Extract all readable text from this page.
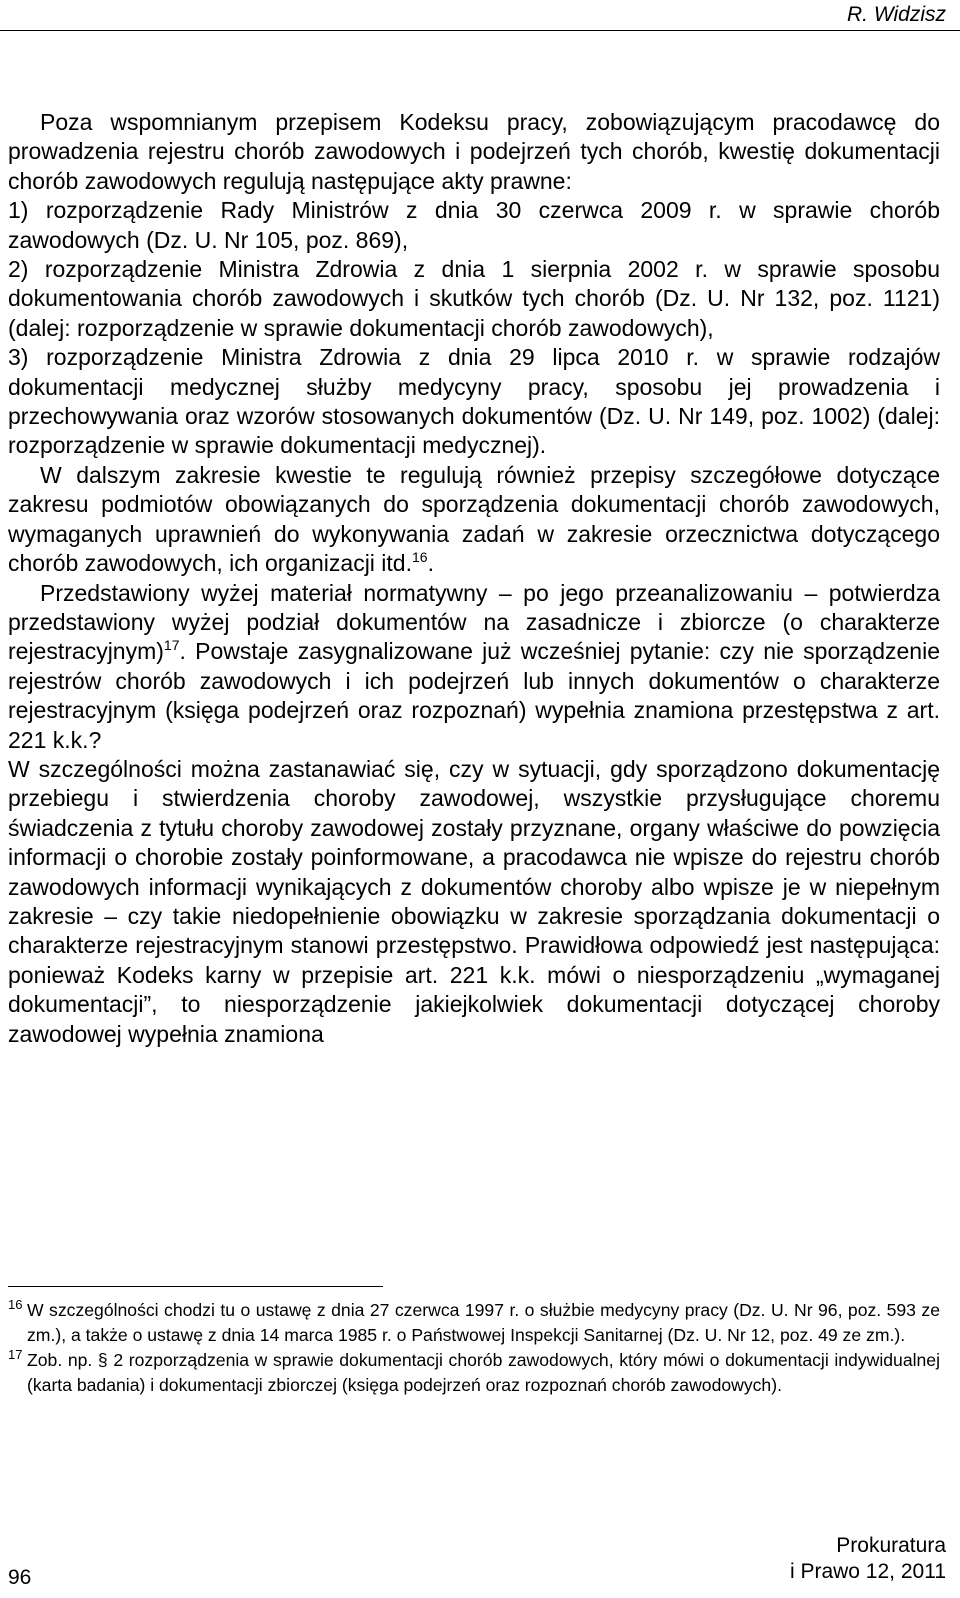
R. Widzisz

Poza wspomnianym przepisem Kodeksu pracy, zobowiązującym pracodawcę do prowadzenia rejestru chorób zawodowych i podejrzeń tych chorób, kwestię dokumentacji chorób zawodowych regulują następujące akty prawne:

1) rozporządzenie Rady Ministrów z dnia 30 czerwca 2009 r. w sprawie chorób zawodowych (Dz. U. Nr 105, poz. 869),

2) rozporządzenie Ministra Zdrowia z dnia 1 sierpnia 2002 r. w sprawie sposobu dokumentowania chorób zawodowych i skutków tych chorób (Dz. U. Nr 132, poz. 1121) (dalej: rozporządzenie w sprawie dokumentacji chorób zawodowych),

3) rozporządzenie Ministra Zdrowia z dnia 29 lipca 2010 r. w sprawie rodzajów dokumentacji medycznej służby medycyny pracy, sposobu jej prowadzenia i przechowywania oraz wzorów stosowanych dokumentów (Dz. U. Nr 149, poz. 1002) (dalej: rozporządzenie w sprawie dokumentacji medycznej).

W dalszym zakresie kwestie te regulują również przepisy szczegółowe dotyczące zakresu podmiotów obowiązanych do sporządzenia dokumentacji chorób zawodowych, wymaganych uprawnień do wykonywania zadań w zakresie orzecznictwa dotyczącego chorób zawodowych, ich organizacji itd.$^{16}$.

Przedstawiony wyżej materiał normatywny – po jego przeanalizowaniu – potwierdza przedstawiony wyżej podział dokumentów na zasadnicze i zbiorcze (o charakterze rejestracyjnym)$^{17}$. Powstaje zasygnalizowane już wcześniej pytanie: czy nie sporządzenie rejestrów chorób zawodowych i ich podejrzeń lub innych dokumentów o charakterze rejestracyjnym (księga podejrzeń oraz rozpoznań) wypełnia znamiona przestępstwa z art. 221 k.k.?

W szczególności można zastanawiać się, czy w sytuacji, gdy sporządzono dokumentację przebiegu i stwierdzenia choroby zawodowej, wszystkie przysługujące choremu świadczenia z tytułu choroby zawodowej zostały przyznane, organy właściwe do powzięcia informacji o chorobie zostały poinformowane, a pracodawca nie wpisze do rejestru chorób zawodowych informacji wynikających z dokumentów choroby albo wpisze je w niepełnym zakresie – czy takie niedopełnienie obowiązku w zakresie sporządzania dokumentacji o charakterze rejestracyjnym stanowi przestępstwo. Prawidłowa odpowiedź jest następująca: ponieważ Kodeks karny w przepisie art. 221 k.k. mówi o niesporządzeniu „wymaganej dokumentacji”, to niesporządzenie jakiejkolwiek dokumentacji dotyczącej choroby zawodowej wypełnia znamiona

16 W szczególności chodzi tu o ustawę z dnia 27 czerwca 1997 r. o służbie medycyny pracy (Dz. U. Nr 96, poz. 593 ze zm.), a także o ustawę z dnia 14 marca 1985 r. o Państwowej Inspekcji Sanitarnej (Dz. U. Nr 12, poz. 49 ze zm.).

17 Zob. np. § 2 rozporządzenia w sprawie dokumentacji chorób zawodowych, który mówi o dokumentacji indywidualnej (karta badania) i dokumentacji zbiorczej (księga podejrzeń oraz rozpoznań chorób zawodowych).

96
Prokuratura
i Prawo 12, 2011
